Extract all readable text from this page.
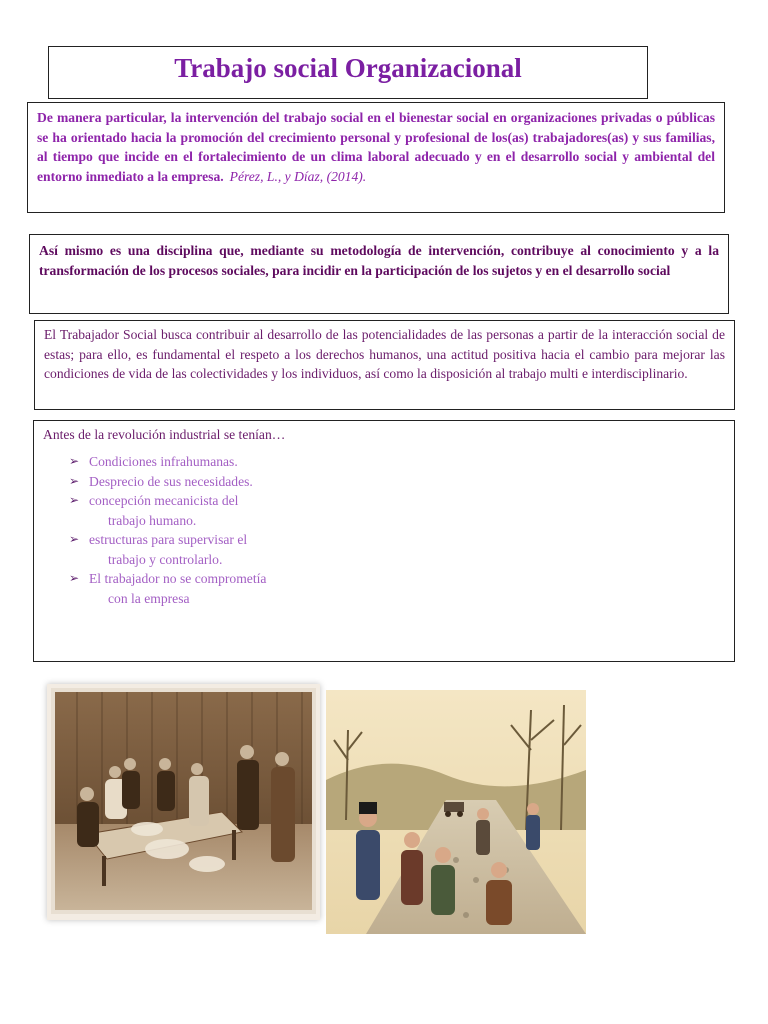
Trabajo social Organizacional

De manera particular, la intervención del trabajo social en el bienestar social en organizaciones privadas o públicas se ha orientado hacia la promoción del crecimiento personal y profesional de los(as) trabajadores(as) y sus familias, al tiempo que incide en el fortalecimiento de un clima laboral adecuado y en el desarrollo social y ambiental del entorno inmediato a la empresa. Pérez, L., y Díaz, (2014).

Así mismo es una disciplina que, mediante su metodología de intervención, contribuye al conocimiento y a la transformación de los procesos sociales, para incidir en la participación de los sujetos y en el desarrollo social

El Trabajador Social busca contribuir al desarrollo de las potencialidades de las personas a partir de la interacción social de estas; para ello, es fundamental el respeto a los derechos humanos, una actitud positiva hacia el cambio para mejorar las condiciones de vida de las colectividades y los individuos, así como la disposición al trabajo multi e interdisciplinario.

Antes de la revolución industrial se tenían…

➢ Condiciones infrahumanas.
➢ Desprecio de sus necesidades.
➢ concepción mecanicista del
trabajo humano.
➢ estructuras para supervisar el
trabajo y controlarlo.
➢ El trabajador no se comprometía
con la empresa
